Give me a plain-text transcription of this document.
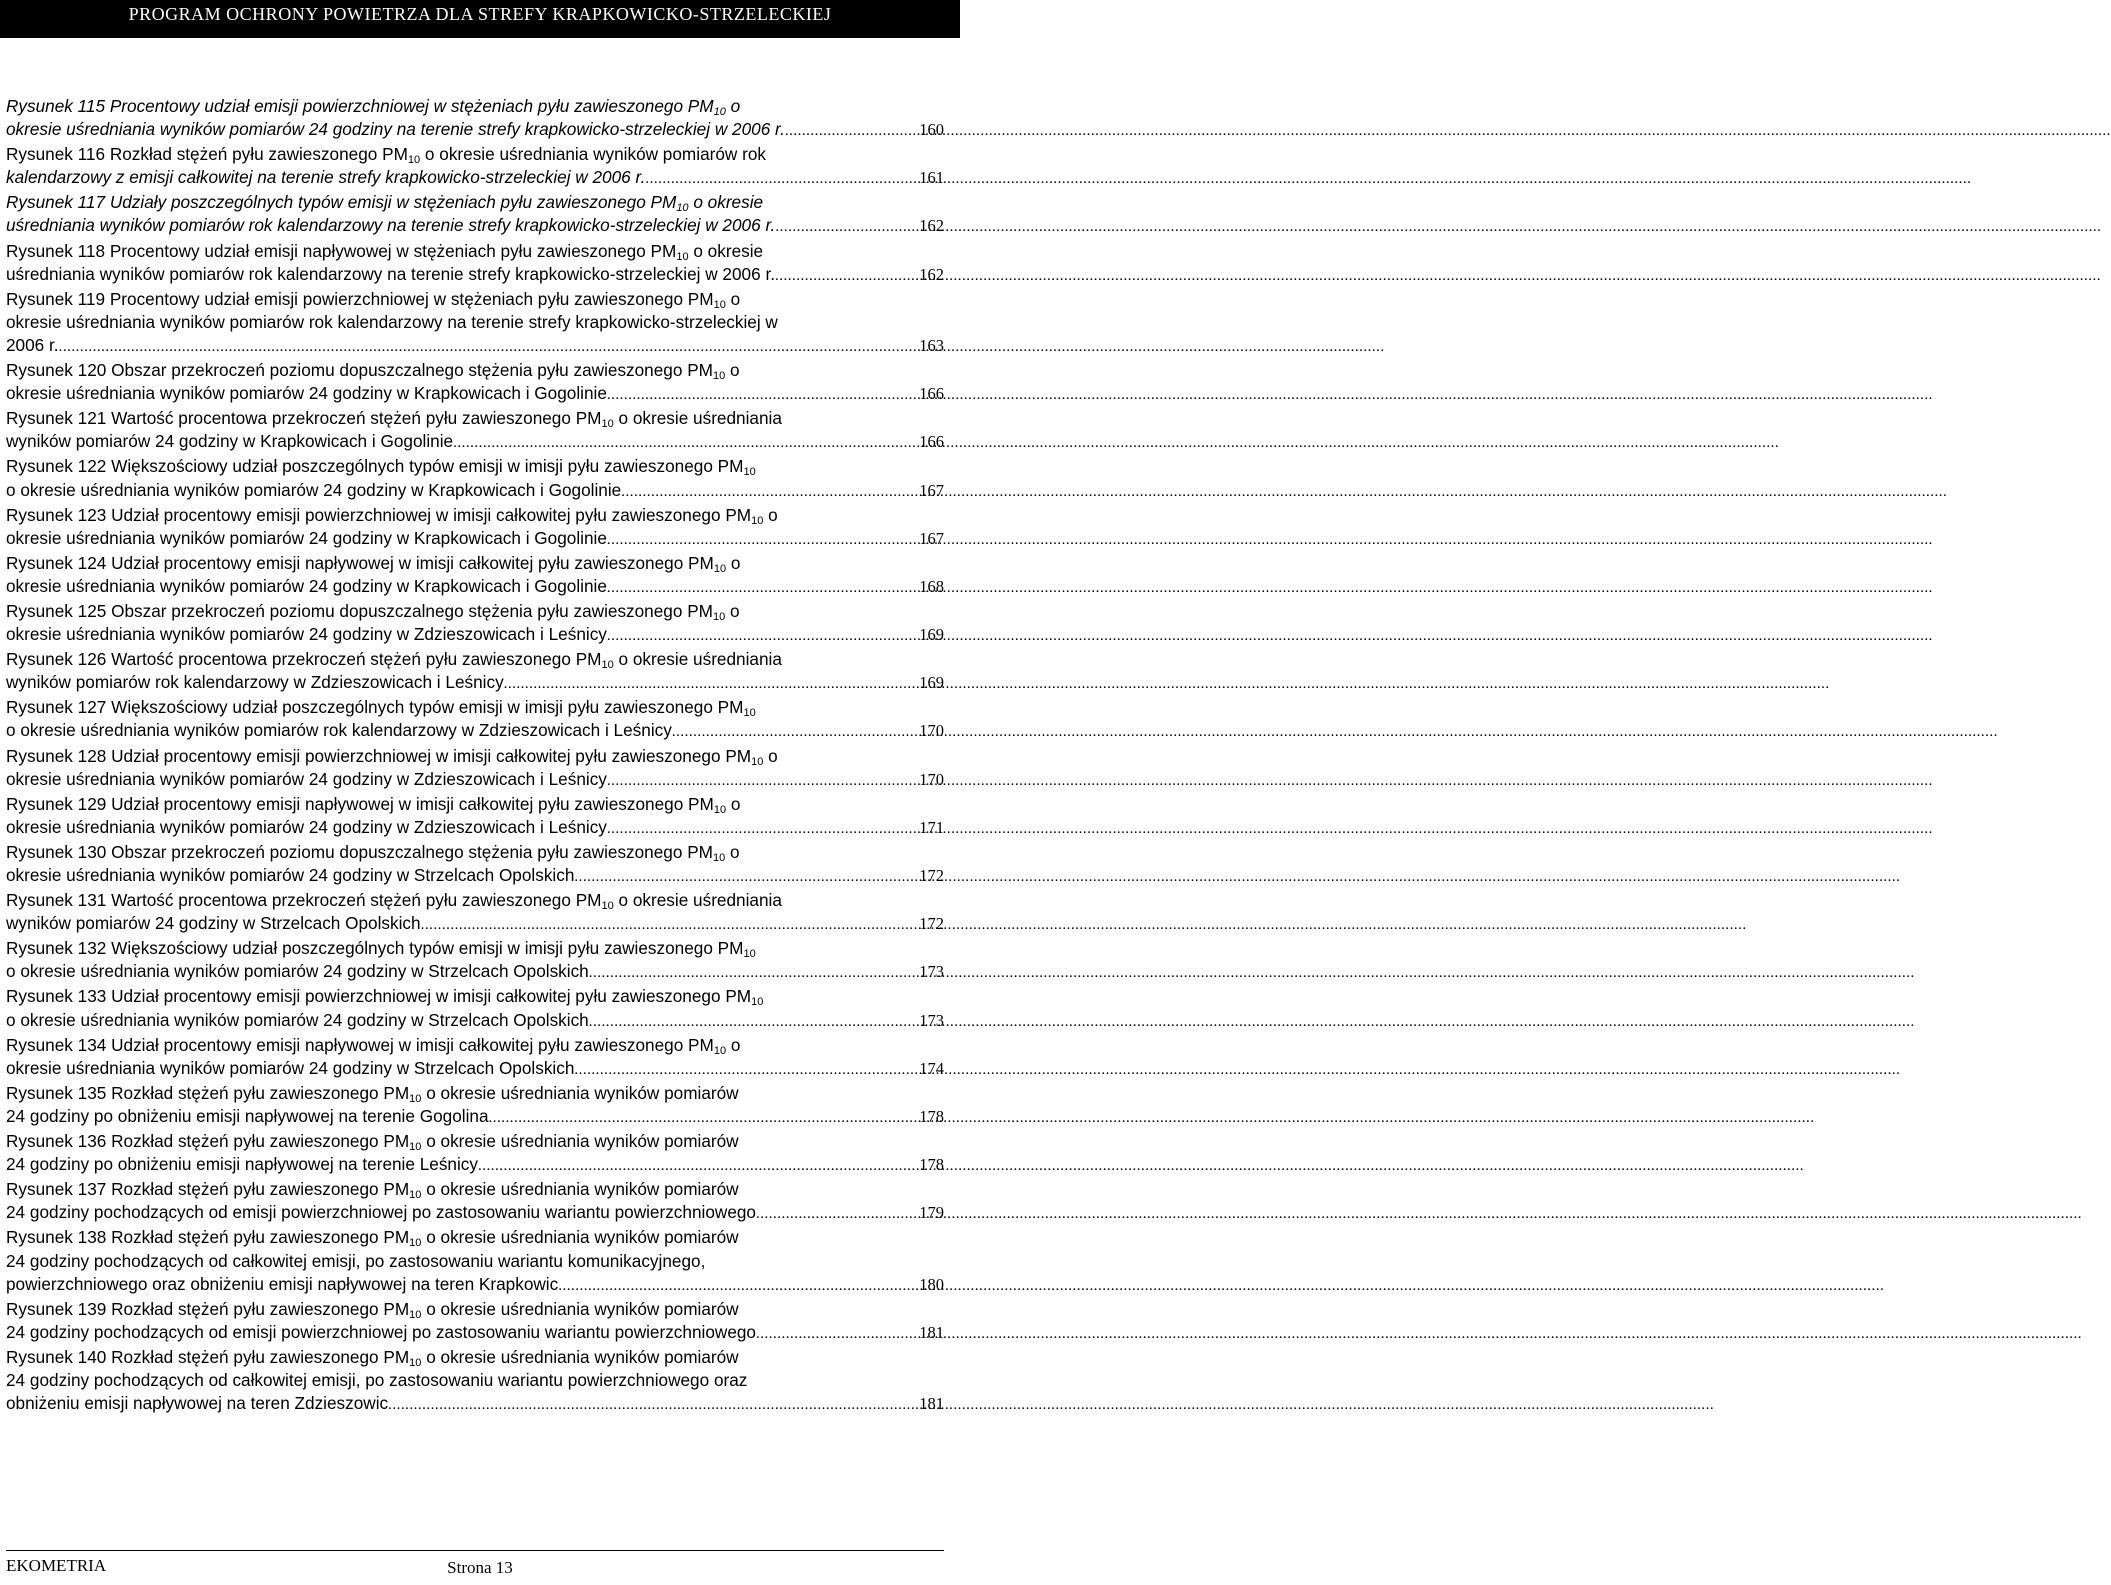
PROGRAM OCHRONY POWIETRZA DLA STREFY KRAPKOWICKO-STRZELECKIEJ
Rysunek 115 Procentowy udział emisji powierzchniowej w stężeniach pyłu zawieszonego $PM_{10}$ o
okresie uśredniania wyników pomiarów 24 godziny na terenie strefy krapkowicko-strzeleckiej w 2006 r. .....	160
Rysunek 116 Rozkład stężeń pyłu zawieszonego $PM_{10}$ o okresie uśredniania wyników pomiarów rok
kalendarzowy z emisji całkowitej na terenie strefy krapkowicko-strzeleckiej w 2006 r. .....	161
Rysunek 117 Udziały poszczególnych typów emisji w stężeniach pyłu zawieszonego $PM_{10}$ o okresie
uśredniania wyników pomiarów rok kalendarzowy na terenie strefy krapkowicko-strzeleckiej w 2006 r. .....	162
Rysunek 118 Procentowy udział emisji napływowej w stężeniach pyłu zawieszonego $PM_{10}$ o okresie
uśredniania wyników pomiarów rok kalendarzowy na terenie strefy krapkowicko-strzeleckiej w 2006 r. .....	162
Rysunek 119 Procentowy udział emisji powierzchniowej w stężeniach pyłu zawieszonego $PM_{10}$ o
okresie uśredniania wyników pomiarów rok kalendarzowy na terenie strefy krapkowicko-strzeleckiej w
2006 r. .....	163
Rysunek 120 Obszar przekroczeń poziomu dopuszczalnego stężenia pyłu zawieszonego $PM_{10}$ o
okresie uśredniania wyników pomiarów 24 godziny w Krapkowicach i Gogolinie .....	166
Rysunek 121 Wartość procentowa przekroczeń stężeń pyłu zawieszonego $PM_{10}$ o okresie uśredniania
wyników pomiarów 24 godziny w Krapkowicach i Gogolinie .....	166
Rysunek 122 Większościowy udział poszczególnych typów emisji w imisji pyłu zawieszonego $PM_{10}$
o okresie uśredniania wyników pomiarów 24 godziny w Krapkowicach i Gogolinie .....	167
Rysunek 123 Udział procentowy emisji powierzchniowej w imisji całkowitej pyłu zawieszonego $PM_{10}$ o
okresie uśredniania wyników pomiarów 24 godziny w Krapkowicach i Gogolinie .....	167
Rysunek 124 Udział procentowy emisji napływowej w imisji całkowitej pyłu zawieszonego $PM_{10}$ o
okresie uśredniania wyników pomiarów 24 godziny w Krapkowicach i Gogolinie .....	168
Rysunek 125 Obszar przekroczeń poziomu dopuszczalnego stężenia pyłu zawieszonego $PM_{10}$ o
okresie uśredniania wyników pomiarów 24 godziny w Zdzieszowicach i Leśnicy .....	169
Rysunek 126 Wartość procentowa przekroczeń stężeń pyłu zawieszonego $PM_{10}$ o okresie uśredniania
wyników pomiarów rok kalendarzowy w Zdzieszowicach i Leśnicy .....	169
Rysunek 127 Większościowy udział poszczególnych typów emisji w imisji pyłu zawieszonego $PM_{10}$
o okresie uśredniania wyników pomiarów rok kalendarzowy w Zdzieszowicach i Leśnicy .....	170
Rysunek 128 Udział procentowy emisji powierzchniowej w imisji całkowitej pyłu zawieszonego $PM_{10}$ o
okresie uśredniania wyników pomiarów 24 godziny w Zdzieszowicach i Leśnicy .....	170
Rysunek 129 Udział procentowy emisji napływowej w imisji całkowitej pyłu zawieszonego $PM_{10}$ o
okresie uśredniania wyników pomiarów 24 godziny w Zdzieszowicach i Leśnicy .....	171
Rysunek 130 Obszar przekroczeń poziomu dopuszczalnego stężenia pyłu zawieszonego $PM_{10}$ o
okresie uśredniania wyników pomiarów 24 godziny w Strzelcach Opolskich .....	172
Rysunek 131 Wartość procentowa przekroczeń stężeń pyłu zawieszonego $PM_{10}$ o okresie uśredniania
wyników pomiarów 24 godziny w Strzelcach Opolskich .....	172
Rysunek 132 Większościowy udział poszczególnych typów emisji w imisji pyłu zawieszonego $PM_{10}$
o okresie uśredniania wyników pomiarów 24 godziny w Strzelcach Opolskich .....	173
Rysunek 133 Udział procentowy emisji powierzchniowej w imisji całkowitej pyłu zawieszonego $PM_{10}$
o okresie uśredniania wyników pomiarów 24 godziny w Strzelcach Opolskich .....	173
Rysunek 134 Udział procentowy emisji napływowej w imisji całkowitej pyłu zawieszonego $PM_{10}$ o
okresie uśredniania wyników pomiarów 24 godziny w Strzelcach Opolskich .....	174
Rysunek 135 Rozkład stężeń pyłu zawieszonego $PM_{10}$ o okresie uśredniania wyników pomiarów
24 godziny po obniżeniu emisji napływowej na terenie Gogolina .....	178
Rysunek 136 Rozkład stężeń pyłu zawieszonego $PM_{10}$ o okresie uśredniania wyników pomiarów
24 godziny po obniżeniu emisji napływowej na terenie Leśnicy .....	178
Rysunek 137 Rozkład stężeń pyłu zawieszonego $PM_{10}$ o okresie uśredniania wyników pomiarów
24 godziny pochodzących od emisji powierzchniowej po zastosowaniu wariantu powierzchniowego .....	179
Rysunek 138 Rozkład stężeń pyłu zawieszonego $PM_{10}$ o okresie uśredniania wyników pomiarów
24 godziny pochodzących od całkowitej emisji, po zastosowaniu wariantu komunikacyjnego,
powierzchniowego oraz obniżeniu emisji napływowej na teren Krapkowic .....	180
Rysunek 139 Rozkład stężeń pyłu zawieszonego $PM_{10}$ o okresie uśredniania wyników pomiarów
24 godziny pochodzących od emisji powierzchniowej po zastosowaniu wariantu powierzchniowego .....	181
Rysunek 140 Rozkład stężeń pyłu zawieszonego $PM_{10}$ o okresie uśredniania wyników pomiarów
24 godziny pochodzących od całkowitej emisji, po zastosowaniu wariantu powierzchniowego oraz
obniżeniu emisji napływowej na teren Zdzieszowic .....	181
EKOMETRIA	Strona 13
